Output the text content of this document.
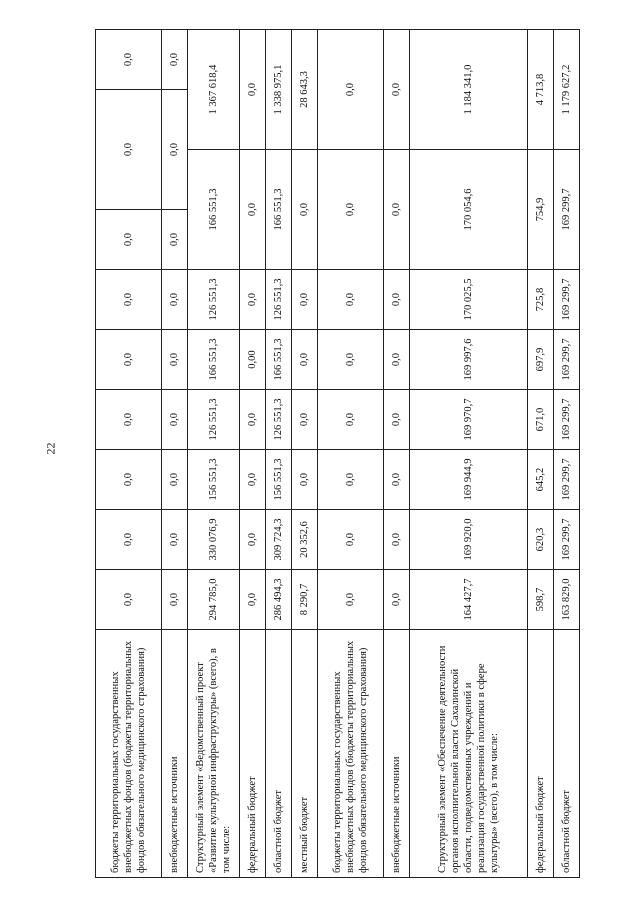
22
бюджеты территориальных государственных внебюджетных фондов (бюджеты территориальных фондов обязательного медицинского страхования)	0,0	0,0	0,0	0,0	0,0	0,0	0,0	0,0		0,0
внебюджетные источники	0,0	0,0	0,0	0,0	0,0	0,0	0,0	0,0		0,0
Структурный элемент «Ведомственный проект «Развитие культурной инфраструктуры» (всего), в том числе:	294 785,0	330 076,9	156 551,3	126 551,3	166 551,3	126 551,3	166 551,3		1 367 618,4	
федеральный бюджет	0,0	0,0	0,0	0,0	0,00	0,0	0,0		0,0	
областной бюджет	286 494,3	309 724,3	156 551,3	126 551,3	166 551,3	126 551,3	166 551,3		1 338 975,1	
местный бюджет	8 290,7	20 352,6	0,0	0,0	0,0	0,0	0,0		28 643,3	
бюджеты территориальных государственных внебюджетных фондов (бюджеты территориальных фондов обязательного медицинского страхования)	0,0	0,0	0,0	0,0	0,0	0,0	0,0		0,0	
внебюджетные источники	0,0	0,0	0,0	0,0	0,0	0,0	0,0		0,0	
Структурный элемент «Обеспечение деятельности органов исполнительной власти Сахалинской области, подведомственных учреждений и реализация государственной политики в сфере культуры» (всего), в том числе:	164 427,7	169 920,0	169 944,9	169 970,7	169 997,6	170 025,5	170 054,6		1 184 341,0	
федеральный бюджет	598,7	620,3	645,2	671,0	697,9	725,8	754,9		4 713,8	
областной бюджет	163 829,0	169 299,7	169 299,7	169 299,7	169 299,7	169 299,7	169 299,7		1 179 627,2	
